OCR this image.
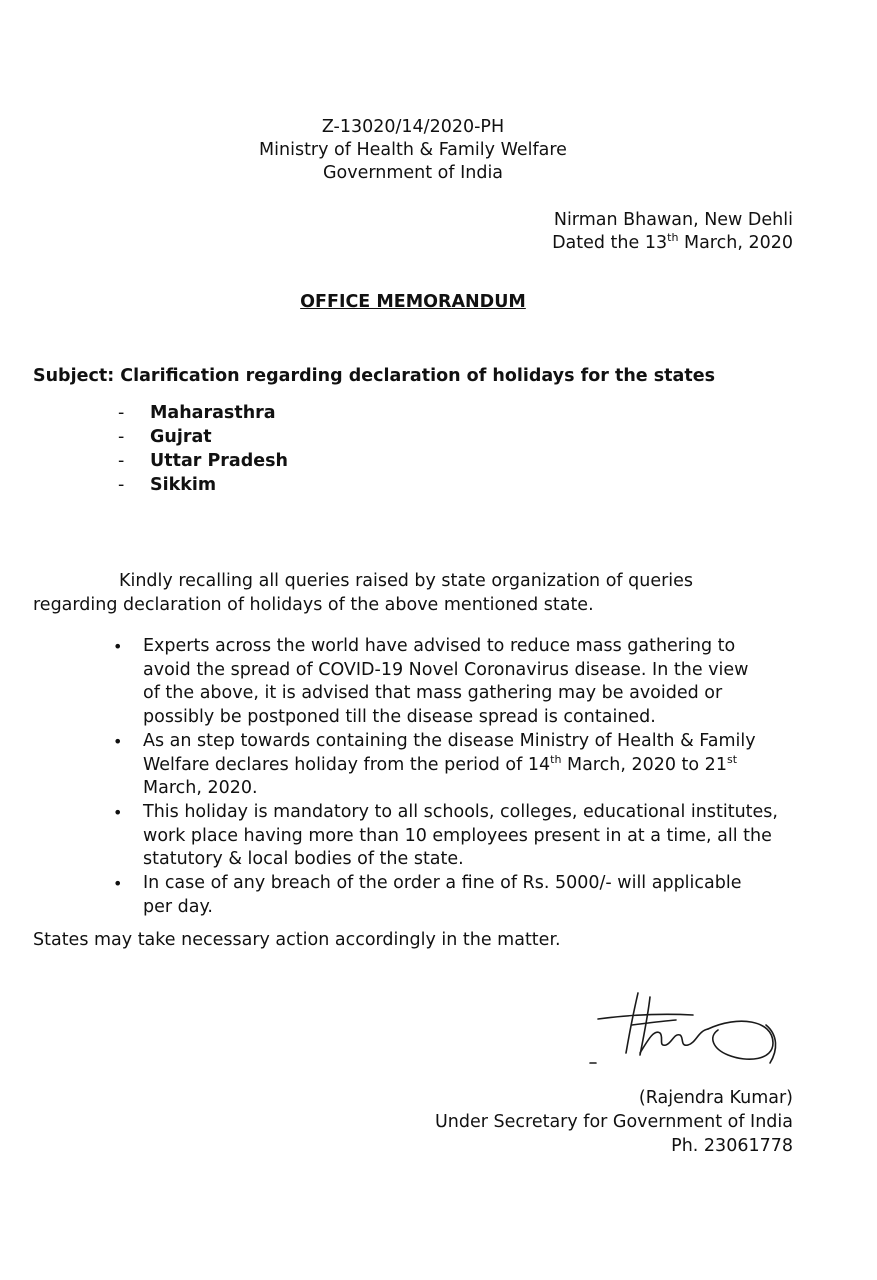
Z-13020/14/2020-PH
Ministry of Health & Family Welfare
Government of India
Nirman Bhawan, New Dehli
Dated the 13th March, 2020
OFFICE MEMORANDUM
Subject: Clarification regarding declaration of holidays for the states
-	Maharasthra
-	Gujrat
-	Uttar Pradesh
-	Sikkim
Kindly recalling all queries raised by state organization of queries
regarding declaration of holidays of the above mentioned state.
• Experts across the world have advised to reduce mass gathering to
avoid the spread of COVID-19 Novel Coronavirus disease. In the view
of the above, it is advised that mass gathering may be avoided or
possibly be postponed till the disease spread is contained.
• As an step towards containing the disease Ministry of Health & Family
Welfare declares holiday from the period of 14th March, 2020 to 21st
March, 2020.
• This holiday is mandatory to all schools, colleges, educational institutes,
work place having more than 10 employees present in at a time, all the
statutory & local bodies of the state.
• In case of any breach of the order a fine of Rs. 5000/- will applicable
per day.
States may take necessary action accordingly in the matter.
(Rajendra Kumar)
Under Secretary for Government of India
Ph. 23061778
